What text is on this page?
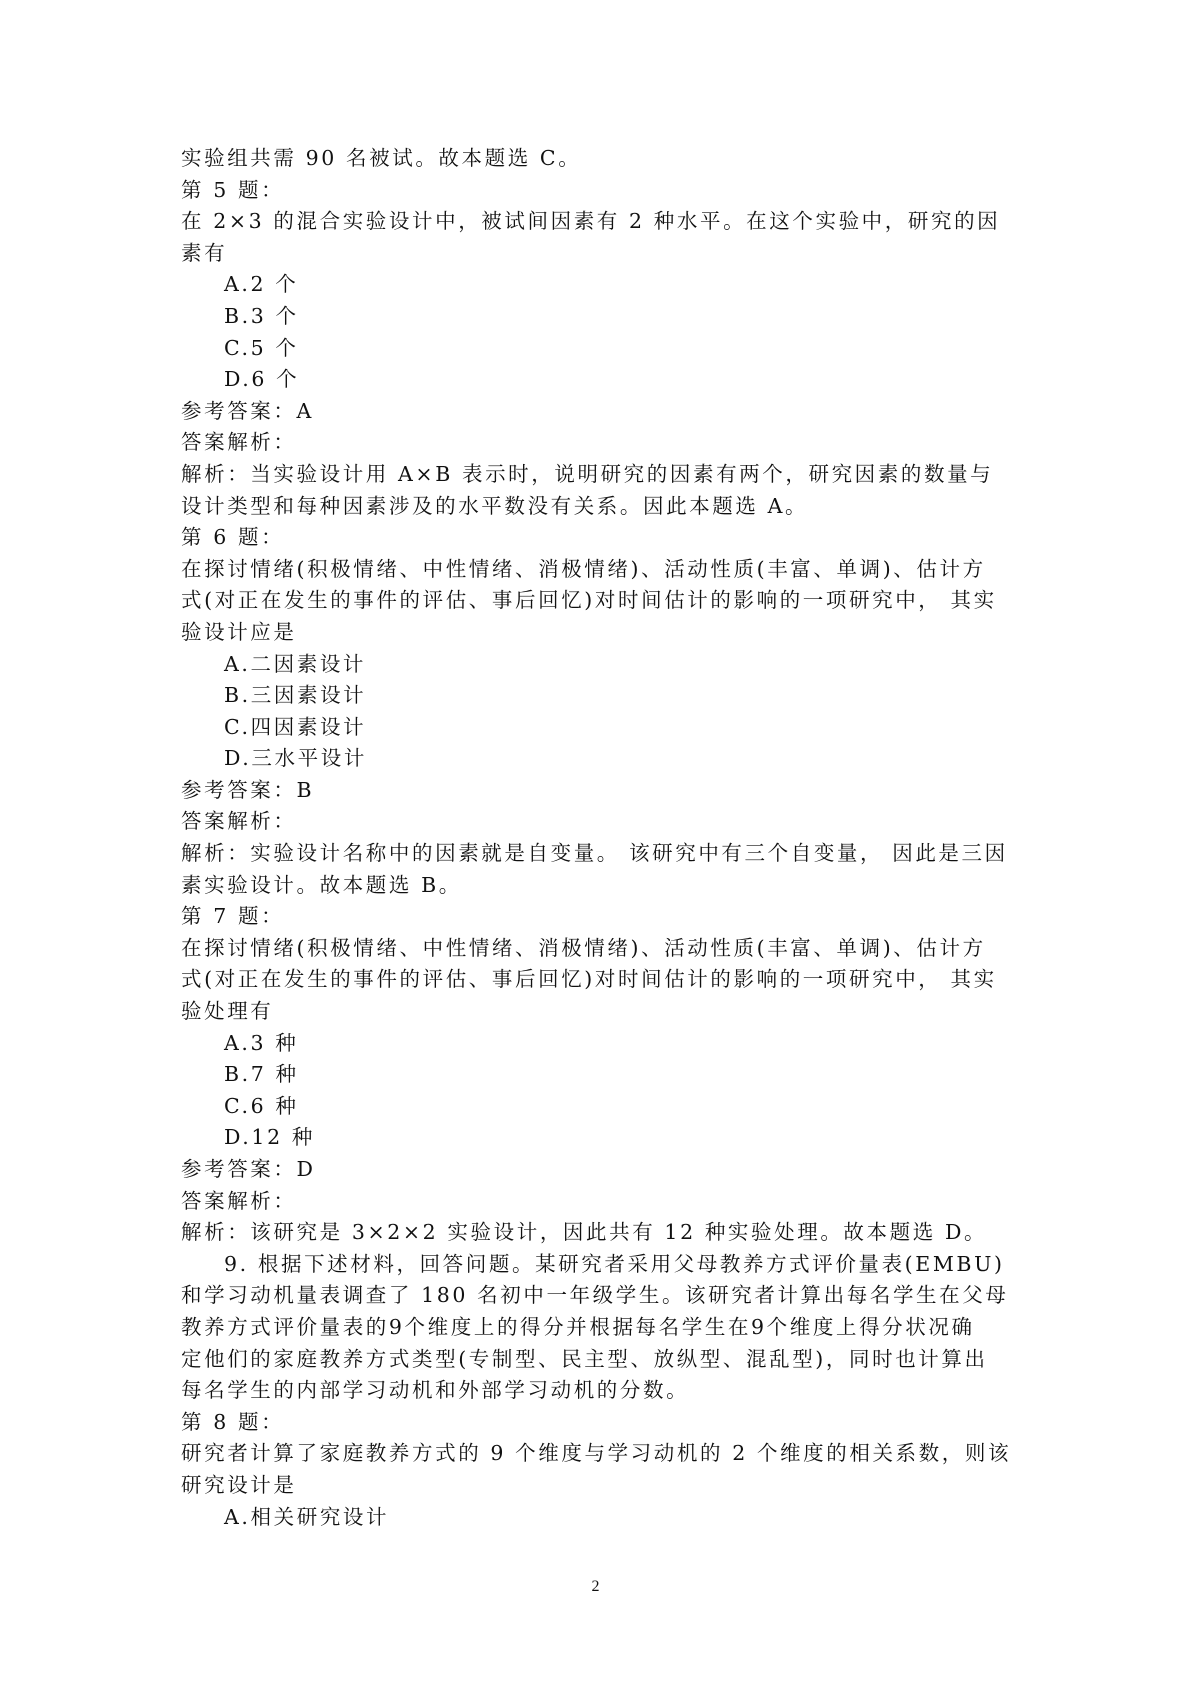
实验组共需 90 名被试。故本题选 C。
第 5 题：
在 2×3 的混合实验设计中，被试间因素有 2 种水平。在这个实验中，研究的因
素有
A.2 个
B.3 个
C.5 个
D.6 个
参考答案：A
答案解析：
解析：当实验设计用 A×B 表示时，说明研究的因素有两个，研究因素的数量与
设计类型和每种因素涉及的水平数没有关系。因此本题选 A。
第 6 题：
在探讨情绪(积极情绪、中性情绪、消极情绪)、活动性质(丰富、单调)、估计方
式(对正在发生的事件的评估、事后回忆)对时间估计的影响的一项研究中， 其实
验设计应是
A.二因素设计
B.三因素设计
C.四因素设计
D.三水平设计
参考答案：B
答案解析：
解析：实验设计名称中的因素就是自变量。 该研究中有三个自变量， 因此是三因
素实验设计。故本题选 B。
第 7 题：
在探讨情绪(积极情绪、中性情绪、消极情绪)、活动性质(丰富、单调)、估计方
式(对正在发生的事件的评估、事后回忆)对时间估计的影响的一项研究中， 其实
验处理有
A.3 种
B.7 种
C.6 种
D.12 种
参考答案：D
答案解析：
解析：该研究是 3×2×2 实验设计，因此共有 12 种实验处理。故本题选 D。
9. 根据下述材料，回答问题。某研究者采用父母教养方式评价量表(EMBU)
和学习动机量表调查了 180 名初中一年级学生。该研究者计算出每名学生在父母
教养方式评价量表的9个维度上的得分并根据每名学生在9个维度上得分状况确
定他们的家庭教养方式类型(专制型、民主型、放纵型、混乱型)，同时也计算出
每名学生的内部学习动机和外部学习动机的分数。
第 8 题：
研究者计算了家庭教养方式的 9 个维度与学习动机的 2 个维度的相关系数，则该
研究设计是
A.相关研究设计
2
